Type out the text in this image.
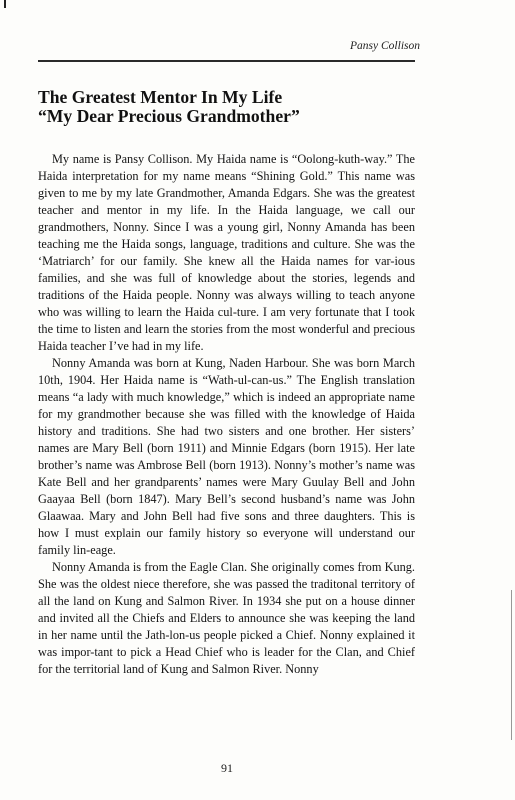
Pansy Collison
The Greatest Mentor In My Life
“My Dear Precious Grandmother”

My name is Pansy Collison. My Haida name is “Oolong-kuth-way.” The Haida interpretation for my name means “Shining Gold.” This name was given to me by my late Grandmother, Amanda Edgars. She was the greatest teacher and mentor in my life. In the Haida language, we call our grandmothers, Nonny. Since I was a young girl, Nonny Amanda has been teaching me the Haida songs, language, traditions and culture. She was the ‘Matriarch’ for our family. She knew all the Haida names for var-ious families, and she was full of knowledge about the stories, legends and traditions of the Haida people. Nonny was always willing to teach anyone who was willing to learn the Haida cul-ture. I am very fortunate that I took the time to listen and learn the stories from the most wonderful and precious Haida teacher I’ve had in my life.

Nonny Amanda was born at Kung, Naden Harbour. She was born March 10th, 1904. Her Haida name is “Wath-ul-can-us.” The English translation means “a lady with much knowledge,” which is indeed an appropriate name for my grandmother because she was filled with the knowledge of Haida history and traditions. She had two sisters and one brother. Her sisters’ names are Mary Bell (born 1911) and Minnie Edgars (born 1915). Her late brother’s name was Ambrose Bell (born 1913). Nonny’s mother’s name was Kate Bell and her grandparents’ names were Mary Guulay Bell and John Gaayaa Bell (born 1847). Mary Bell’s second husband’s name was John Glaawaa. Mary and John Bell had five sons and three daughters. This is how I must explain our family history so everyone will understand our family lin-eage.

Nonny Amanda is from the Eagle Clan. She originally comes from Kung. She was the oldest niece therefore, she was passed the traditonal territory of all the land on Kung and Salmon River. In 1934 she put on a house dinner and invited all the Chiefs and Elders to announce she was keeping the land in her name until the Jath-lon-us people picked a Chief. Nonny explained it was impor-tant to pick a Head Chief who is leader for the Clan, and Chief for the territorial land of Kung and Salmon River. Nonny

91
